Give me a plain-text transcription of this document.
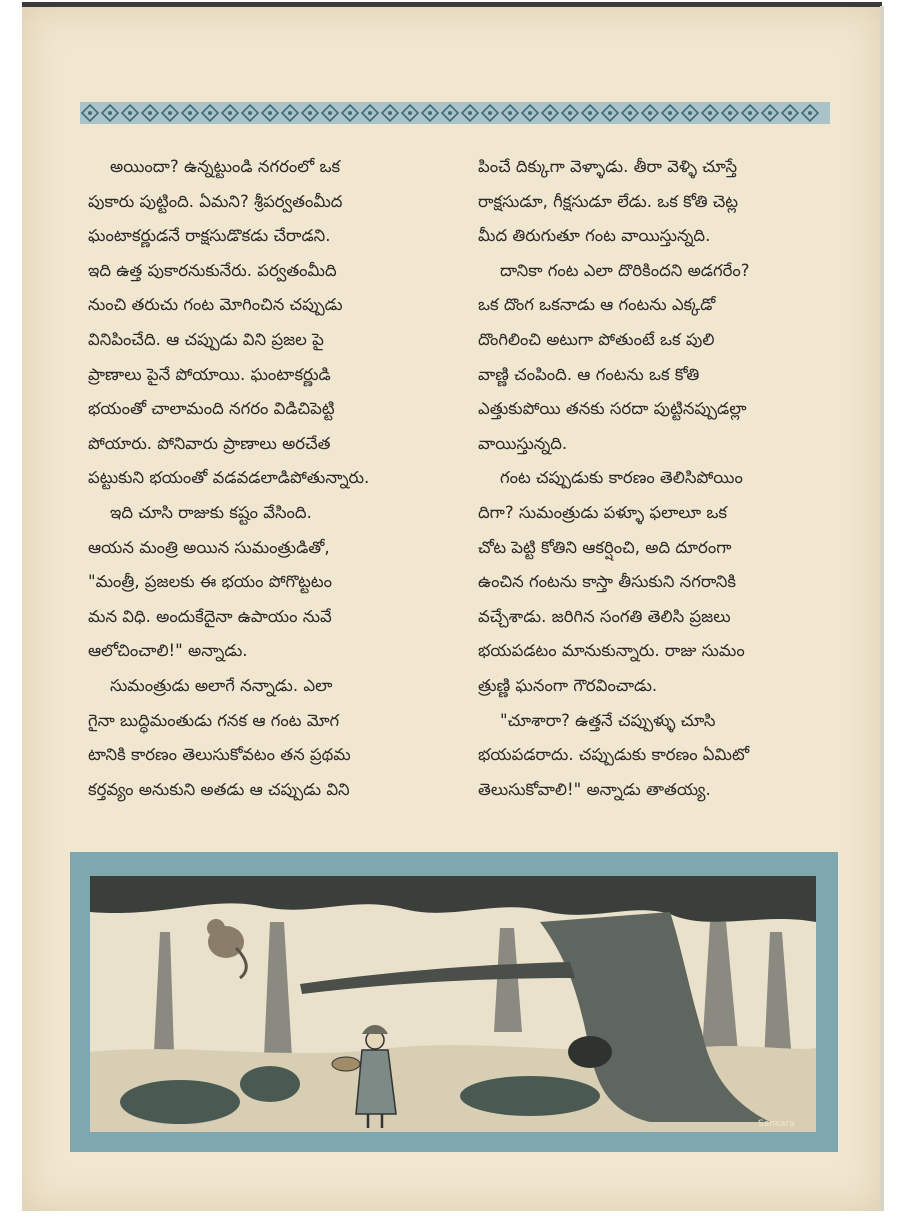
అయిందా? ఉన్నట్టుండి నగరంలో ఒక
పుకారు పుట్టింది. ఏమని? శ్రీపర్వతంమీద
ఘంటాకర్ణుడనే రాక్షసుడొకడు చేరాడని.
ఇది ఉత్త పుకారనుకునేరు. పర్వతంమీది
నుంచి తరుచు గంట మోగించిన చప్పుడు
వినిపించేది. ఆ చప్పుడు విని ప్రజల పై
ప్రాణాలు పైనే పోయాయి. ఘంటాకర్ణుడి
భయంతో చాలామంది నగరం విడిచిపెట్టి
పోయారు. పోనివారు ప్రాణాలు అరచేత
పట్టుకుని భయంతో వడవడలాడిపోతున్నారు.

ఇది చూసి రాజుకు కష్టం వేసింది.
ఆయన మంత్రి అయిన సుమంత్రుడితో,
"మంత్రీ, ప్రజలకు ఈ భయం పోగొట్టటం
మన విధి. అందుకేదైనా ఉపాయం నువే
ఆలోచించాలి!" అన్నాడు.

సుమంత్రుడు అలాగే నన్నాడు. ఎలా
గైనా బుద్ధిమంతుడు గనక ఆ గంట మోగ
టానికి కారణం తెలుసుకోవటం తన ప్రథమ
కర్తవ్యం అనుకుని అతడు ఆ చప్పుడు విని

పించే దిక్కుగా వెళ్ళాడు. తీరా వెళ్ళి చూస్తే
రాక్షసుడూ, గీక్షసుడూ లేడు. ఒక కోతి చెట్ల
మీద తిరుగుతూ గంట వాయిస్తున్నది.

దానికా గంట ఎలా దొరికిందని అడగరేం?
ఒక దొంగ ఒకనాడు ఆ గంటను ఎక్కడో
దొంగిలించి అటుగా పోతుంటే ఒక పులి
వాణ్ణి చంపింది. ఆ గంటను ఒక కోతి
ఎత్తుకుపోయి తనకు సరదా పుట్టినప్పుడల్లా
వాయిస్తున్నది.

గంట చప్పుడుకు కారణం తెలిసిపోయిం
దిగా? సుమంత్రుడు పళ్ళూ ఫలాలూ ఒక
చోట పెట్టి కోతిని ఆకర్షించి, అది దూరంగా
ఉంచిన గంటను కాస్తా తీసుకుని నగరానికి
వచ్చేశాడు. జరిగిన సంగతి తెలిసి ప్రజలు
భయపడటం మానుకున్నారు. రాజు సుమం
త్రుణ్ణి ఘనంగా గౌరవించాడు.

"చూశారా? ఉత్తనే చప్పుళ్ళు చూసి
భయపడరాదు. చప్పుడుకు కారణం ఏమిటో
తెలుసుకోవాలి!" అన్నాడు తాతయ్య.

Sankara
